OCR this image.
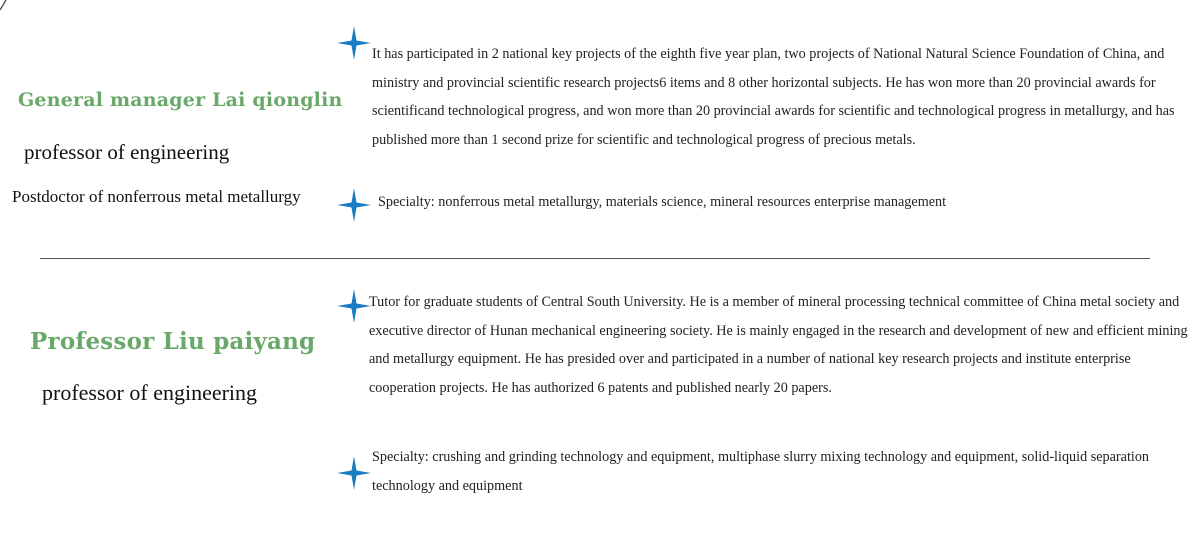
General manager Lai qionglin
professor of engineering
Postdoctor of nonferrous metal metallurgy

It has participated in 2 national key projects of the eighth five year plan, two projects of National Natural Science Foundation of China, and ministry and provincial scientific research projects6 items and 8 other horizontal subjects. He has won more than 20 provincial awards for scientificand technological progress, and won more than 20 provincial awards for scientific and technological progress in metallurgy, and has published more than 1 second prize for scientific and technological progress of precious metals.

Specialty: nonferrous metal metallurgy, materials science, mineral resources enterprise management

Professor Liu paiyang
professor of engineering

Tutor for graduate students of Central South University. He is a member of mineral processing technical committee of China metal society and executive director of Hunan mechanical engineering society. He is mainly engaged in the research and development of new and efficient mining and metallurgy equipment. He has presided over and participated in a number of national key research projects and institute enterprise cooperation projects. He has authorized 6 patents and published nearly 20 papers.

Specialty: crushing and grinding technology and equipment, multiphase slurry mixing technology and equipment, solid-liquid separation technology and equipment
